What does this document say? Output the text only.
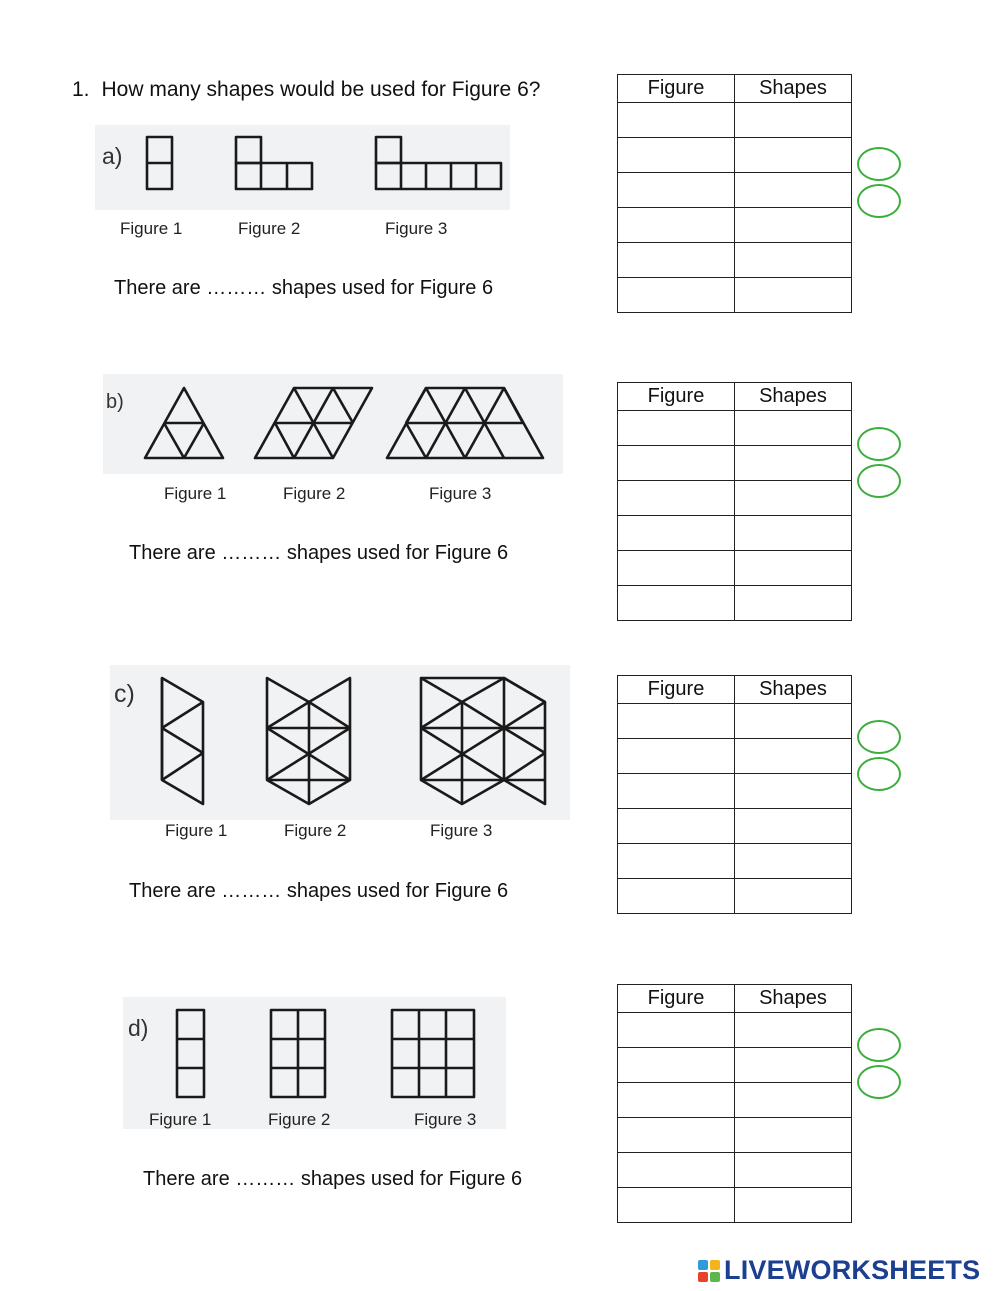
1. How many shapes would be used for Figure 6?
a)
Figure 1	Figure 2	Figure 3
There are ……… shapes used for Figure 6
Figure	Shapes

b)
Figure 1	Figure 2	Figure 3
There are ……… shapes used for Figure 6
Figure	Shapes

c)
Figure 1	Figure 2	Figure 3
There are ……… shapes used for Figure 6
Figure	Shapes

d)
Figure 1	Figure 2	Figure 3
There are ……… shapes used for Figure 6
Figure	Shapes

LIVEWORKSHEETS
